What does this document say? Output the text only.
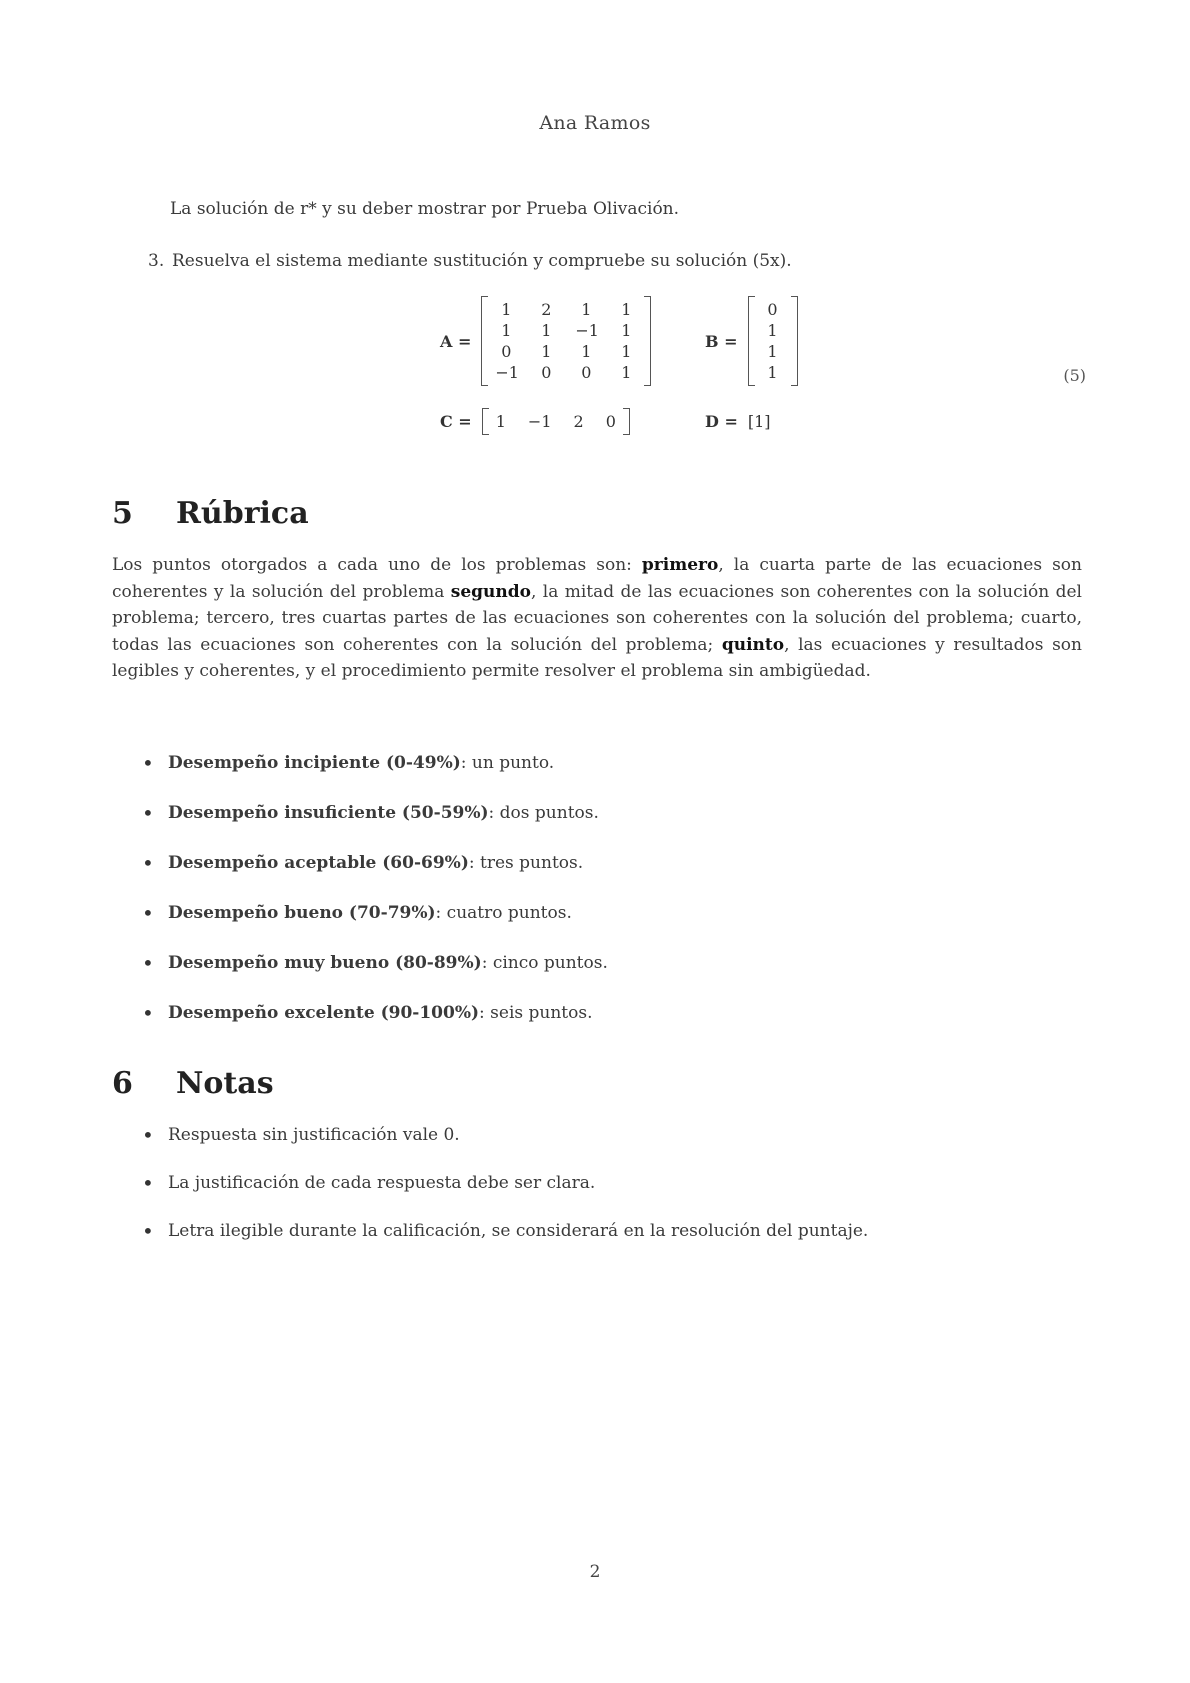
Ana Ramos
La solución de r* y su deber mostrar por Prueba Olivación.
3. Resuelva el sistema mediante sustitución y compruebe su solución (5x).
A =
1	2	1	1
1	1	−1	1
0	1	1	1
−1	0	0	1
B =
0
1
1
1
C = 1 −1 2 0	D = [1]
(5)
5 Rúbrica
Los puntos otorgados a cada uno de los problemas son: primero, la cuarta parte de las ecuaciones son coherentes y la solución del problema segundo, la mitad de las ecuaciones son coherentes con la solución del problema; tercero, tres cuartas partes de las ecuaciones son coherentes con la solución del problema; cuarto, todas las ecuaciones son coherentes con la solución del problema; quinto, las ecuaciones y resultados son legibles y coherentes, y el procedimiento permite resolver el problema sin ambigüedad.
• Desempeño incipiente (0-49%): un punto.
• Desempeño insuficiente (50-59%): dos puntos.
• Desempeño aceptable (60-69%): tres puntos.
• Desempeño bueno (70-79%): cuatro puntos.
• Desempeño muy bueno (80-89%): cinco puntos.
• Desempeño excelente (90-100%): seis puntos.
6 Notas
• Respuesta sin justificación vale 0.
• La justificación de cada respuesta debe ser clara.
• Letra ilegible durante la calificación, se considerará en la resolución del puntaje.
2
